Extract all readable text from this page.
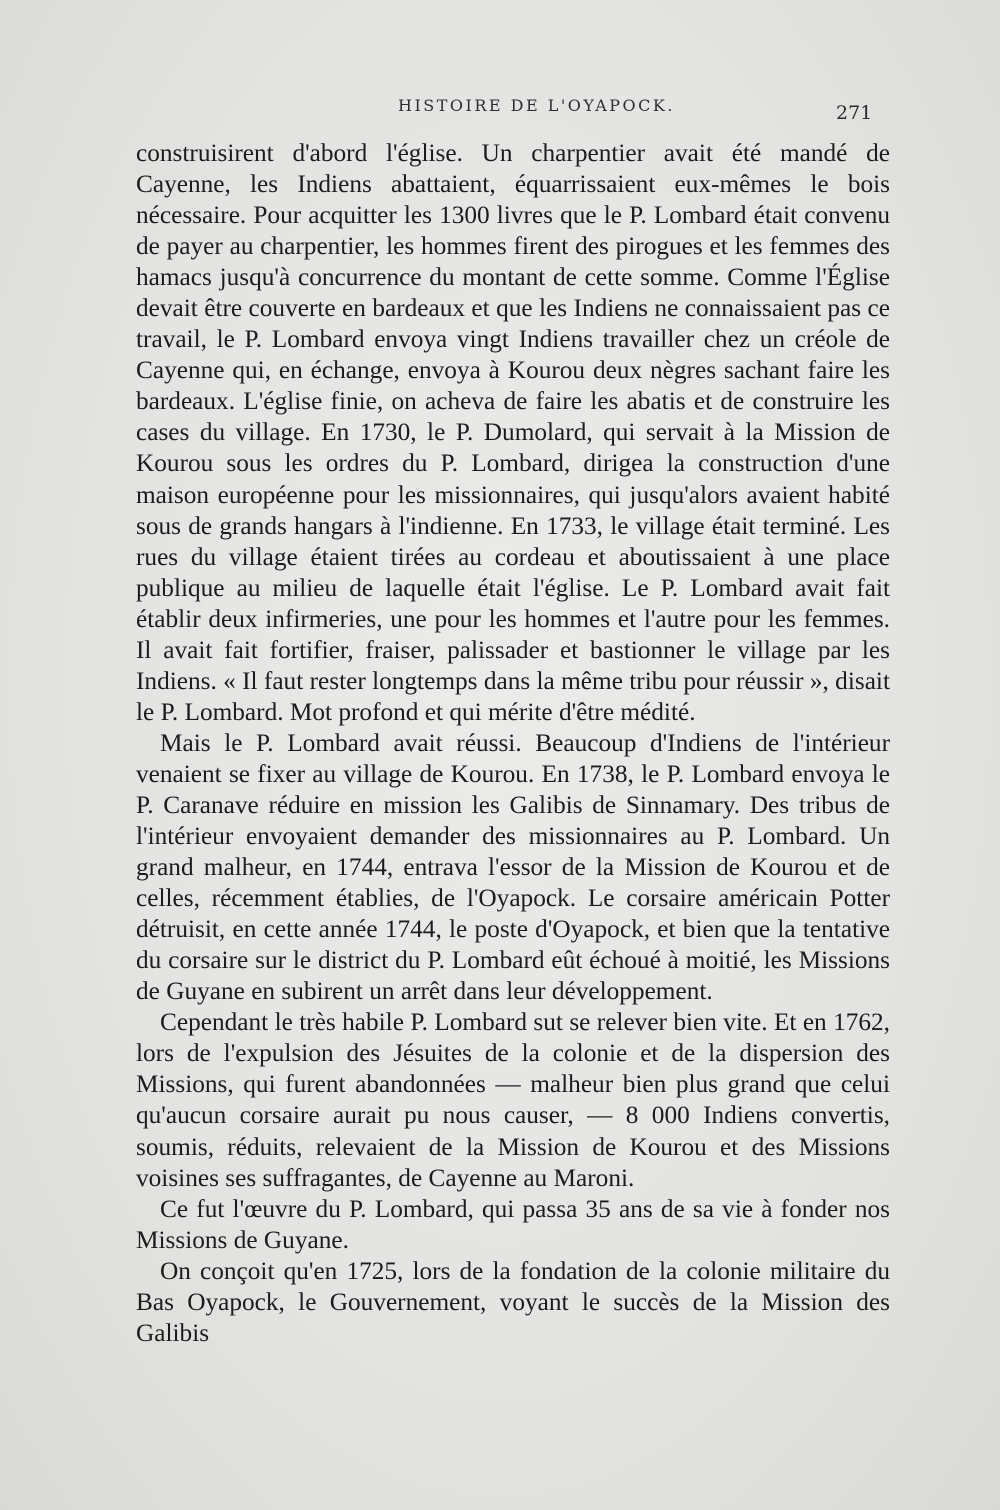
HISTOIRE DE L'OYAPOCK.	271

construisirent d'abord l'église. Un charpentier avait été mandé de Cayenne, les Indiens abattaient, équarrissaient eux-mêmes le bois nécessaire. Pour acquitter les 1300 livres que le P. Lombard était convenu de payer au charpentier, les hommes firent des pirogues et les femmes des hamacs jusqu'à concurrence du montant de cette somme. Comme l'Église devait être couverte en bardeaux et que les Indiens ne connaissaient pas ce travail, le P. Lombard envoya vingt Indiens travailler chez un créole de Cayenne qui, en échange, envoya à Kourou deux nègres sachant faire les bardeaux. L'église finie, on acheva de faire les abatis et de construire les cases du village. En 1730, le P. Dumolard, qui servait à la Mission de Kourou sous les ordres du P. Lombard, dirigea la construction d'une maison européenne pour les missionnaires, qui jusqu'alors avaient habité sous de grands hangars à l'indienne. En 1733, le village était terminé. Les rues du village étaient tirées au cordeau et aboutissaient à une place publique au milieu de laquelle était l'église. Le P. Lombard avait fait établir deux infirmeries, une pour les hommes et l'autre pour les femmes. Il avait fait fortifier, fraiser, palissader et bastionner le village par les Indiens. « Il faut rester longtemps dans la même tribu pour réussir », disait le P. Lombard. Mot profond et qui mérite d'être médité.

Mais le P. Lombard avait réussi. Beaucoup d'Indiens de l'intérieur venaient se fixer au village de Kourou. En 1738, le P. Lombard envoya le P. Caranave réduire en mission les Galibis de Sinnamary. Des tribus de l'intérieur envoyaient demander des missionnaires au P. Lombard. Un grand malheur, en 1744, entrava l'essor de la Mission de Kourou et de celles, récemment établies, de l'Oyapock. Le corsaire américain Potter détruisit, en cette année 1744, le poste d'Oyapock, et bien que la tentative du corsaire sur le district du P. Lombard eût échoué à moitié, les Missions de Guyane en subirent un arrêt dans leur développement.

Cependant le très habile P. Lombard sut se relever bien vite. Et en 1762, lors de l'expulsion des Jésuites de la colonie et de la dispersion des Missions, qui furent abandonnées — malheur bien plus grand que celui qu'aucun corsaire aurait pu nous causer, — 8 000 Indiens convertis, soumis, réduits, relevaient de la Mission de Kourou et des Missions voisines ses suffragantes, de Cayenne au Maroni.

Ce fut l'œuvre du P. Lombard, qui passa 35 ans de sa vie à fonder nos Missions de Guyane.

On conçoit qu'en 1725, lors de la fondation de la colonie militaire du Bas Oyapock, le Gouvernement, voyant le succès de la Mission des Galibis
